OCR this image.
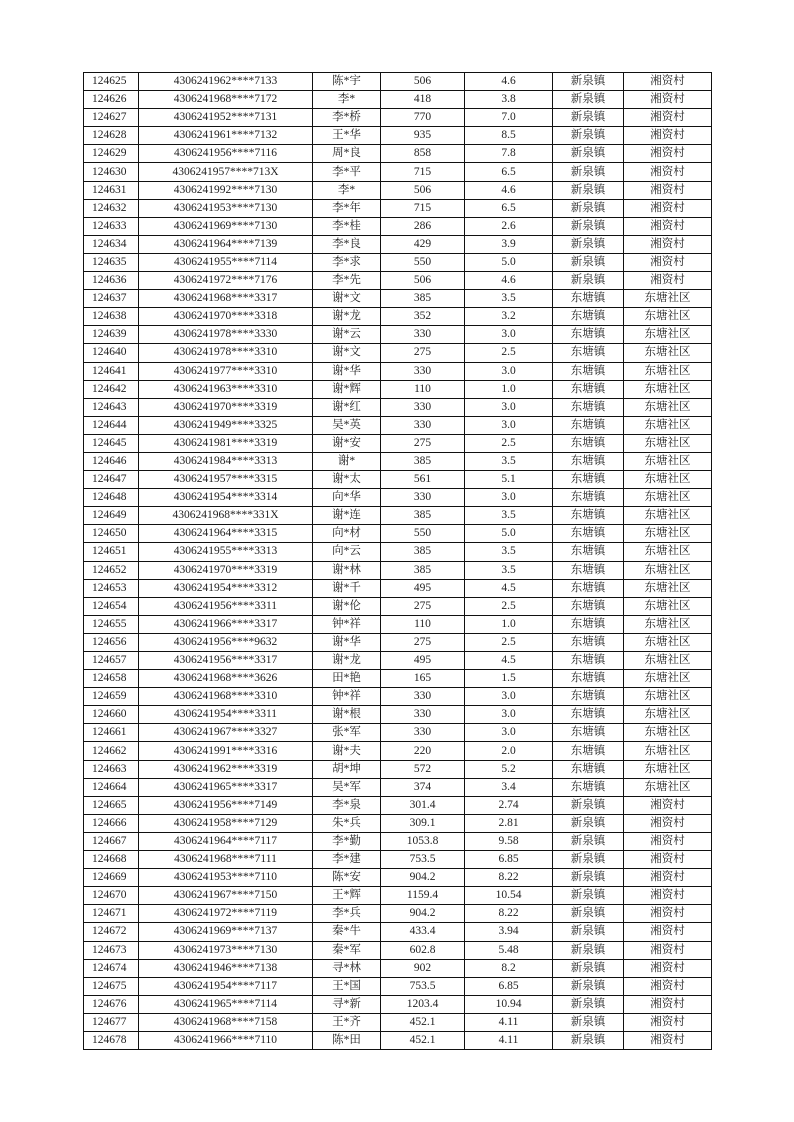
124625	4306241962****7133	陈*宇	506	4.6	新泉镇	湘资村
124626	4306241968****7172	李*	418	3.8	新泉镇	湘资村
124627	4306241952****7131	李*桥	770	7.0	新泉镇	湘资村
124628	4306241961****7132	王*华	935	8.5	新泉镇	湘资村
124629	4306241956****7116	周*良	858	7.8	新泉镇	湘资村
124630	4306241957****713X	李*平	715	6.5	新泉镇	湘资村
124631	4306241992****7130	李*	506	4.6	新泉镇	湘资村
124632	4306241953****7130	李*年	715	6.5	新泉镇	湘资村
124633	4306241969****7130	李*桂	286	2.6	新泉镇	湘资村
124634	4306241964****7139	李*良	429	3.9	新泉镇	湘资村
124635	4306241955****7114	李*求	550	5.0	新泉镇	湘资村
124636	4306241972****7176	李*先	506	4.6	新泉镇	湘资村
124637	4306241968****3317	谢*文	385	3.5	东塘镇	东塘社区
124638	4306241970****3318	谢*龙	352	3.2	东塘镇	东塘社区
124639	4306241978****3330	谢*云	330	3.0	东塘镇	东塘社区
124640	4306241978****3310	谢*文	275	2.5	东塘镇	东塘社区
124641	4306241977****3310	谢*华	330	3.0	东塘镇	东塘社区
124642	4306241963****3310	谢*辉	110	1.0	东塘镇	东塘社区
124643	4306241970****3319	谢*红	330	3.0	东塘镇	东塘社区
124644	4306241949****3325	吴*英	330	3.0	东塘镇	东塘社区
124645	4306241981****3319	谢*安	275	2.5	东塘镇	东塘社区
124646	4306241984****3313	谢*	385	3.5	东塘镇	东塘社区
124647	4306241957****3315	谢*太	561	5.1	东塘镇	东塘社区
124648	4306241954****3314	向*华	330	3.0	东塘镇	东塘社区
124649	4306241968****331X	谢*连	385	3.5	东塘镇	东塘社区
124650	4306241964****3315	向*材	550	5.0	东塘镇	东塘社区
124651	4306241955****3313	向*云	385	3.5	东塘镇	东塘社区
124652	4306241970****3319	谢*林	385	3.5	东塘镇	东塘社区
124653	4306241954****3312	谢*千	495	4.5	东塘镇	东塘社区
124654	4306241956****3311	谢*伦	275	2.5	东塘镇	东塘社区
124655	4306241966****3317	钟*祥	110	1.0	东塘镇	东塘社区
124656	4306241956****9632	谢*华	275	2.5	东塘镇	东塘社区
124657	4306241956****3317	谢*龙	495	4.5	东塘镇	东塘社区
124658	4306241968****3626	田*艳	165	1.5	东塘镇	东塘社区
124659	4306241968****3310	钟*祥	330	3.0	东塘镇	东塘社区
124660	4306241954****3311	谢*根	330	3.0	东塘镇	东塘社区
124661	4306241967****3327	张*军	330	3.0	东塘镇	东塘社区
124662	4306241991****3316	谢*夫	220	2.0	东塘镇	东塘社区
124663	4306241962****3319	胡*坤	572	5.2	东塘镇	东塘社区
124664	4306241965****3317	吴*军	374	3.4	东塘镇	东塘社区
124665	4306241956****7149	李*泉	301.4	2.74	新泉镇	湘资村
124666	4306241958****7129	朱*兵	309.1	2.81	新泉镇	湘资村
124667	4306241964****7117	李*勤	1053.8	9.58	新泉镇	湘资村
124668	4306241968****7111	李*建	753.5	6.85	新泉镇	湘资村
124669	4306241953****7110	陈*安	904.2	8.22	新泉镇	湘资村
124670	4306241967****7150	王*辉	1159.4	10.54	新泉镇	湘资村
124671	4306241972****7119	李*兵	904.2	8.22	新泉镇	湘资村
124672	4306241969****7137	秦*牛	433.4	3.94	新泉镇	湘资村
124673	4306241973****7130	秦*军	602.8	5.48	新泉镇	湘资村
124674	4306241946****7138	寻*林	902	8.2	新泉镇	湘资村
124675	4306241954****7117	王*国	753.5	6.85	新泉镇	湘资村
124676	4306241965****7114	寻*新	1203.4	10.94	新泉镇	湘资村
124677	4306241968****7158	王*齐	452.1	4.11	新泉镇	湘资村
124678	4306241966****7110	陈*田	452.1	4.11	新泉镇	湘资村
